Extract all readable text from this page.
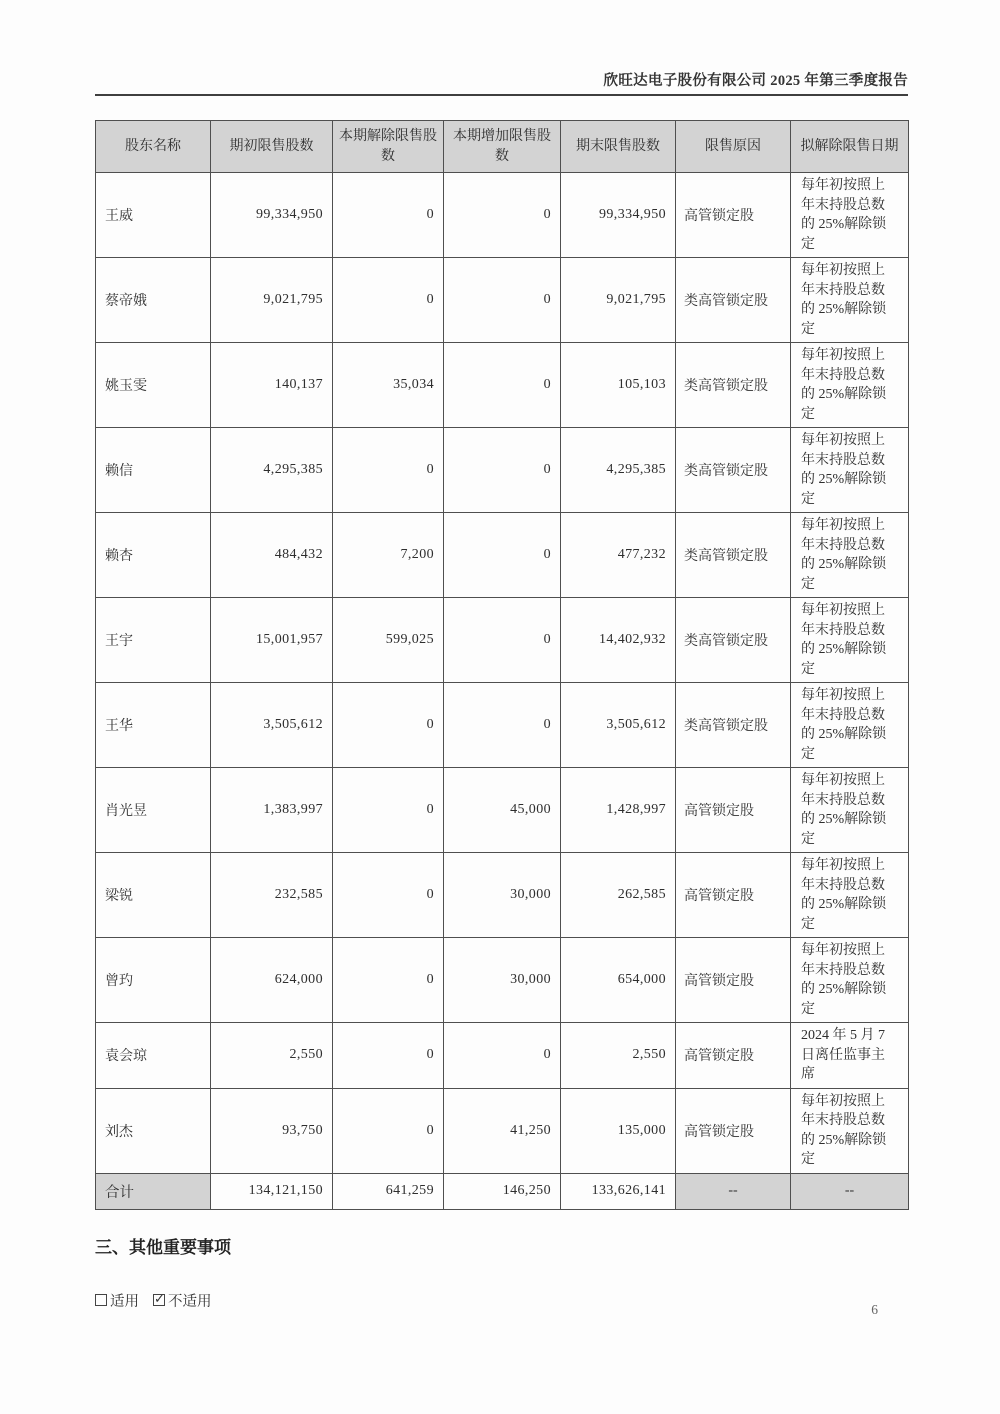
欣旺达电子股份有限公司 2025 年第三季度报告
股东名称	期初限售股数	本期解除限售股数	本期增加限售股数	期末限售股数	限售原因	拟解除限售日期
王威	99,334,950	0	0	99,334,950	高管锁定股	每年初按照上年末持股总数的 25%解除锁定
蔡帝娥	9,021,795	0	0	9,021,795	类高管锁定股	每年初按照上年末持股总数的 25%解除锁定
姚玉雯	140,137	35,034	0	105,103	类高管锁定股	每年初按照上年末持股总数的 25%解除锁定
赖信	4,295,385	0	0	4,295,385	类高管锁定股	每年初按照上年末持股总数的 25%解除锁定
赖杏	484,432	7,200	0	477,232	类高管锁定股	每年初按照上年末持股总数的 25%解除锁定
王宇	15,001,957	599,025	0	14,402,932	类高管锁定股	每年初按照上年末持股总数的 25%解除锁定
王华	3,505,612	0	0	3,505,612	类高管锁定股	每年初按照上年末持股总数的 25%解除锁定
肖光昱	1,383,997	0	45,000	1,428,997	高管锁定股	每年初按照上年末持股总数的 25%解除锁定
梁锐	232,585	0	30,000	262,585	高管锁定股	每年初按照上年末持股总数的 25%解除锁定
曾玓	624,000	0	30,000	654,000	高管锁定股	每年初按照上年末持股总数的 25%解除锁定
袁会琼	2,550	0	0	2,550	高管锁定股	2024 年 5 月 7 日离任监事主席
刘杰	93,750	0	41,250	135,000	高管锁定股	每年初按照上年末持股总数的 25%解除锁定
合计	134,121,150	641,259	146,250	133,626,141	--	--
三、其他重要事项
适用 ✓ 不适用	6
